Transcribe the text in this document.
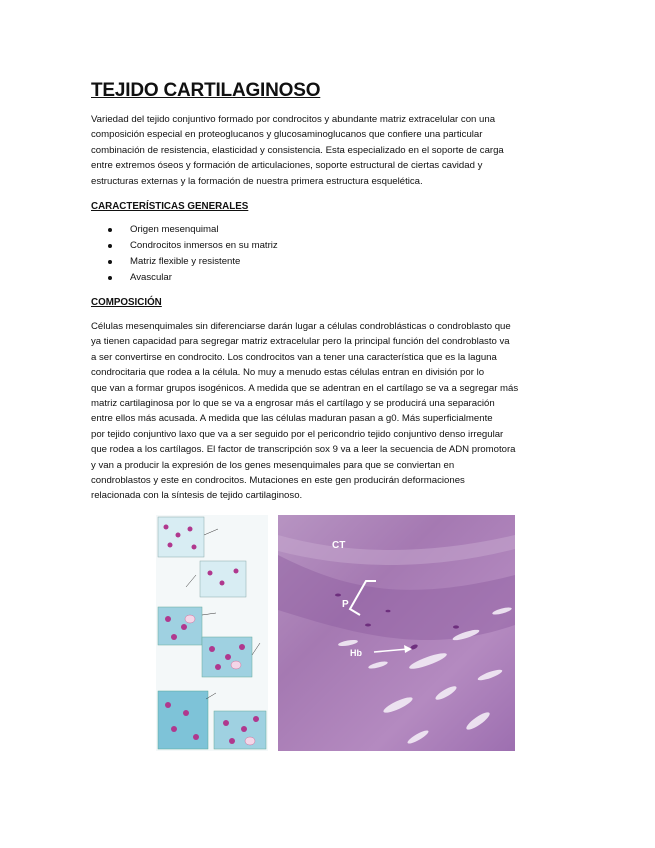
TEJIDO CARTILAGINOSO
Variedad del tejido conjuntivo formado por condrocitos y abundante matriz extracelular con una
composición especial en proteoglucanos y glucosaminoglucanos que confiere una particular
combinación de resistencia, elasticidad y consistencia. Esta especializado en el soporte de carga
entre extremos óseos y formación de articulaciones, soporte estructural de ciertas cavidad y
estructuras externas y la formación de nuestra primera estructura esquelética.
CARACTERÍSTICAS GENERALES
Origen mesenquimal
Condrocitos inmersos en su matriz
Matriz flexible y resistente
Avascular
COMPOSICIÓN
Células mesenquimales sin diferenciarse darán lugar a células condroblásticas o condroblasto que
ya tienen capacidad para segregar matriz extracelular pero la principal función del condroblasto va
a ser convertirse en condrocito. Los condrocitos van a tener una característica que es la laguna
condrocitaria que rodea a la célula. No muy a menudo estas células entran en división por lo
que van a formar grupos isogénicos. A medida que se adentran en el cartílago se va a segregar más
matriz cartilaginosa por lo que se va a engrosar más el cartílago y se producirá una separación
entre ellos más acusada. A medida que las células maduran pasan a g0. Más superficialmente
por tejido conjuntivo laxo que va a ser seguido por el pericondrio tejido conjuntivo denso irregular
que rodea a los cartílagos. El factor de transcripción sox 9 va a leer la secuencia de ADN promotora
y van a producir la expresión de los genes mesenquimales para que se conviertan en
condroblastos y este en condrocitos. Mutaciones en este gen producirán deformaciones
relacionada con la síntesis de tejido cartilaginoso.
CT
P
Hb
